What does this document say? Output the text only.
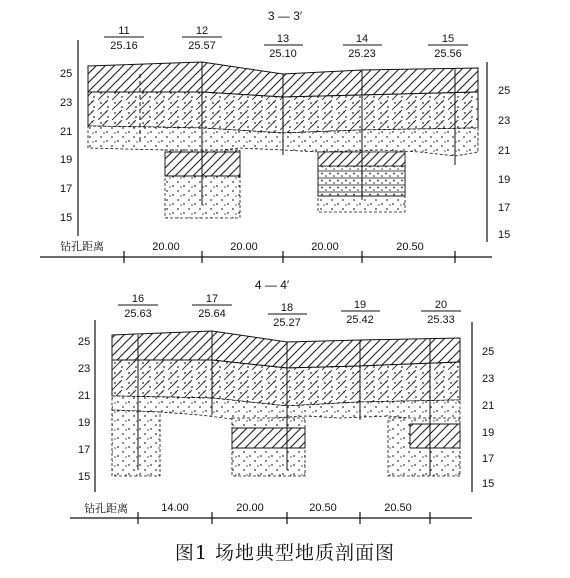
3 — 3′
11
25.16
12
25.57
13
25.10
14
25.23
15
25.56
25
23
21
19
17
15
25
23
21
19
17
15
钻孔距离	20.00	20.00	20.00	20.50
4 — 4′
16
25.63
17
25.64	18
25.27
19
25.42
20
25.33
25
23
21
19
17
15
25
23
21
19
17
15
钻孔距离	14.00	20.00	20.50	20.50
图1 场地典型地质剖面图
